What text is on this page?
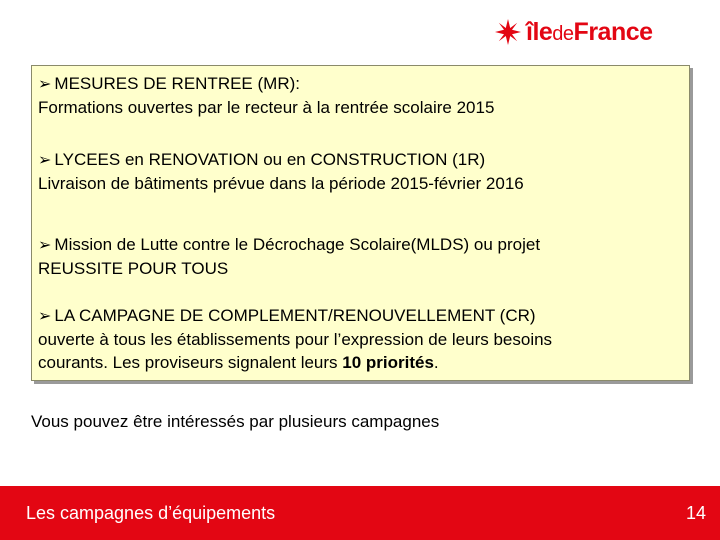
îledeFrance
➢ MESURES DE RENTREE (MR):
Formations ouvertes par le recteur à la rentrée scolaire 2015
➢ LYCEES en RENOVATION ou en CONSTRUCTION (1R)
Livraison de bâtiments prévue dans la période 2015-février 2016
➢ Mission de Lutte contre le Décrochage Scolaire(MLDS) ou projet
REUSSITE POUR TOUS
➢ LA CAMPAGNE DE COMPLEMENT/RENOUVELLEMENT (CR)
ouverte à tous les établissements pour l’expression de leurs besoins
courants. Les proviseurs signalent leurs 10 priorités.
Vous pouvez être intéressés par plusieurs campagnes
Les campagnes d’équipements	14
